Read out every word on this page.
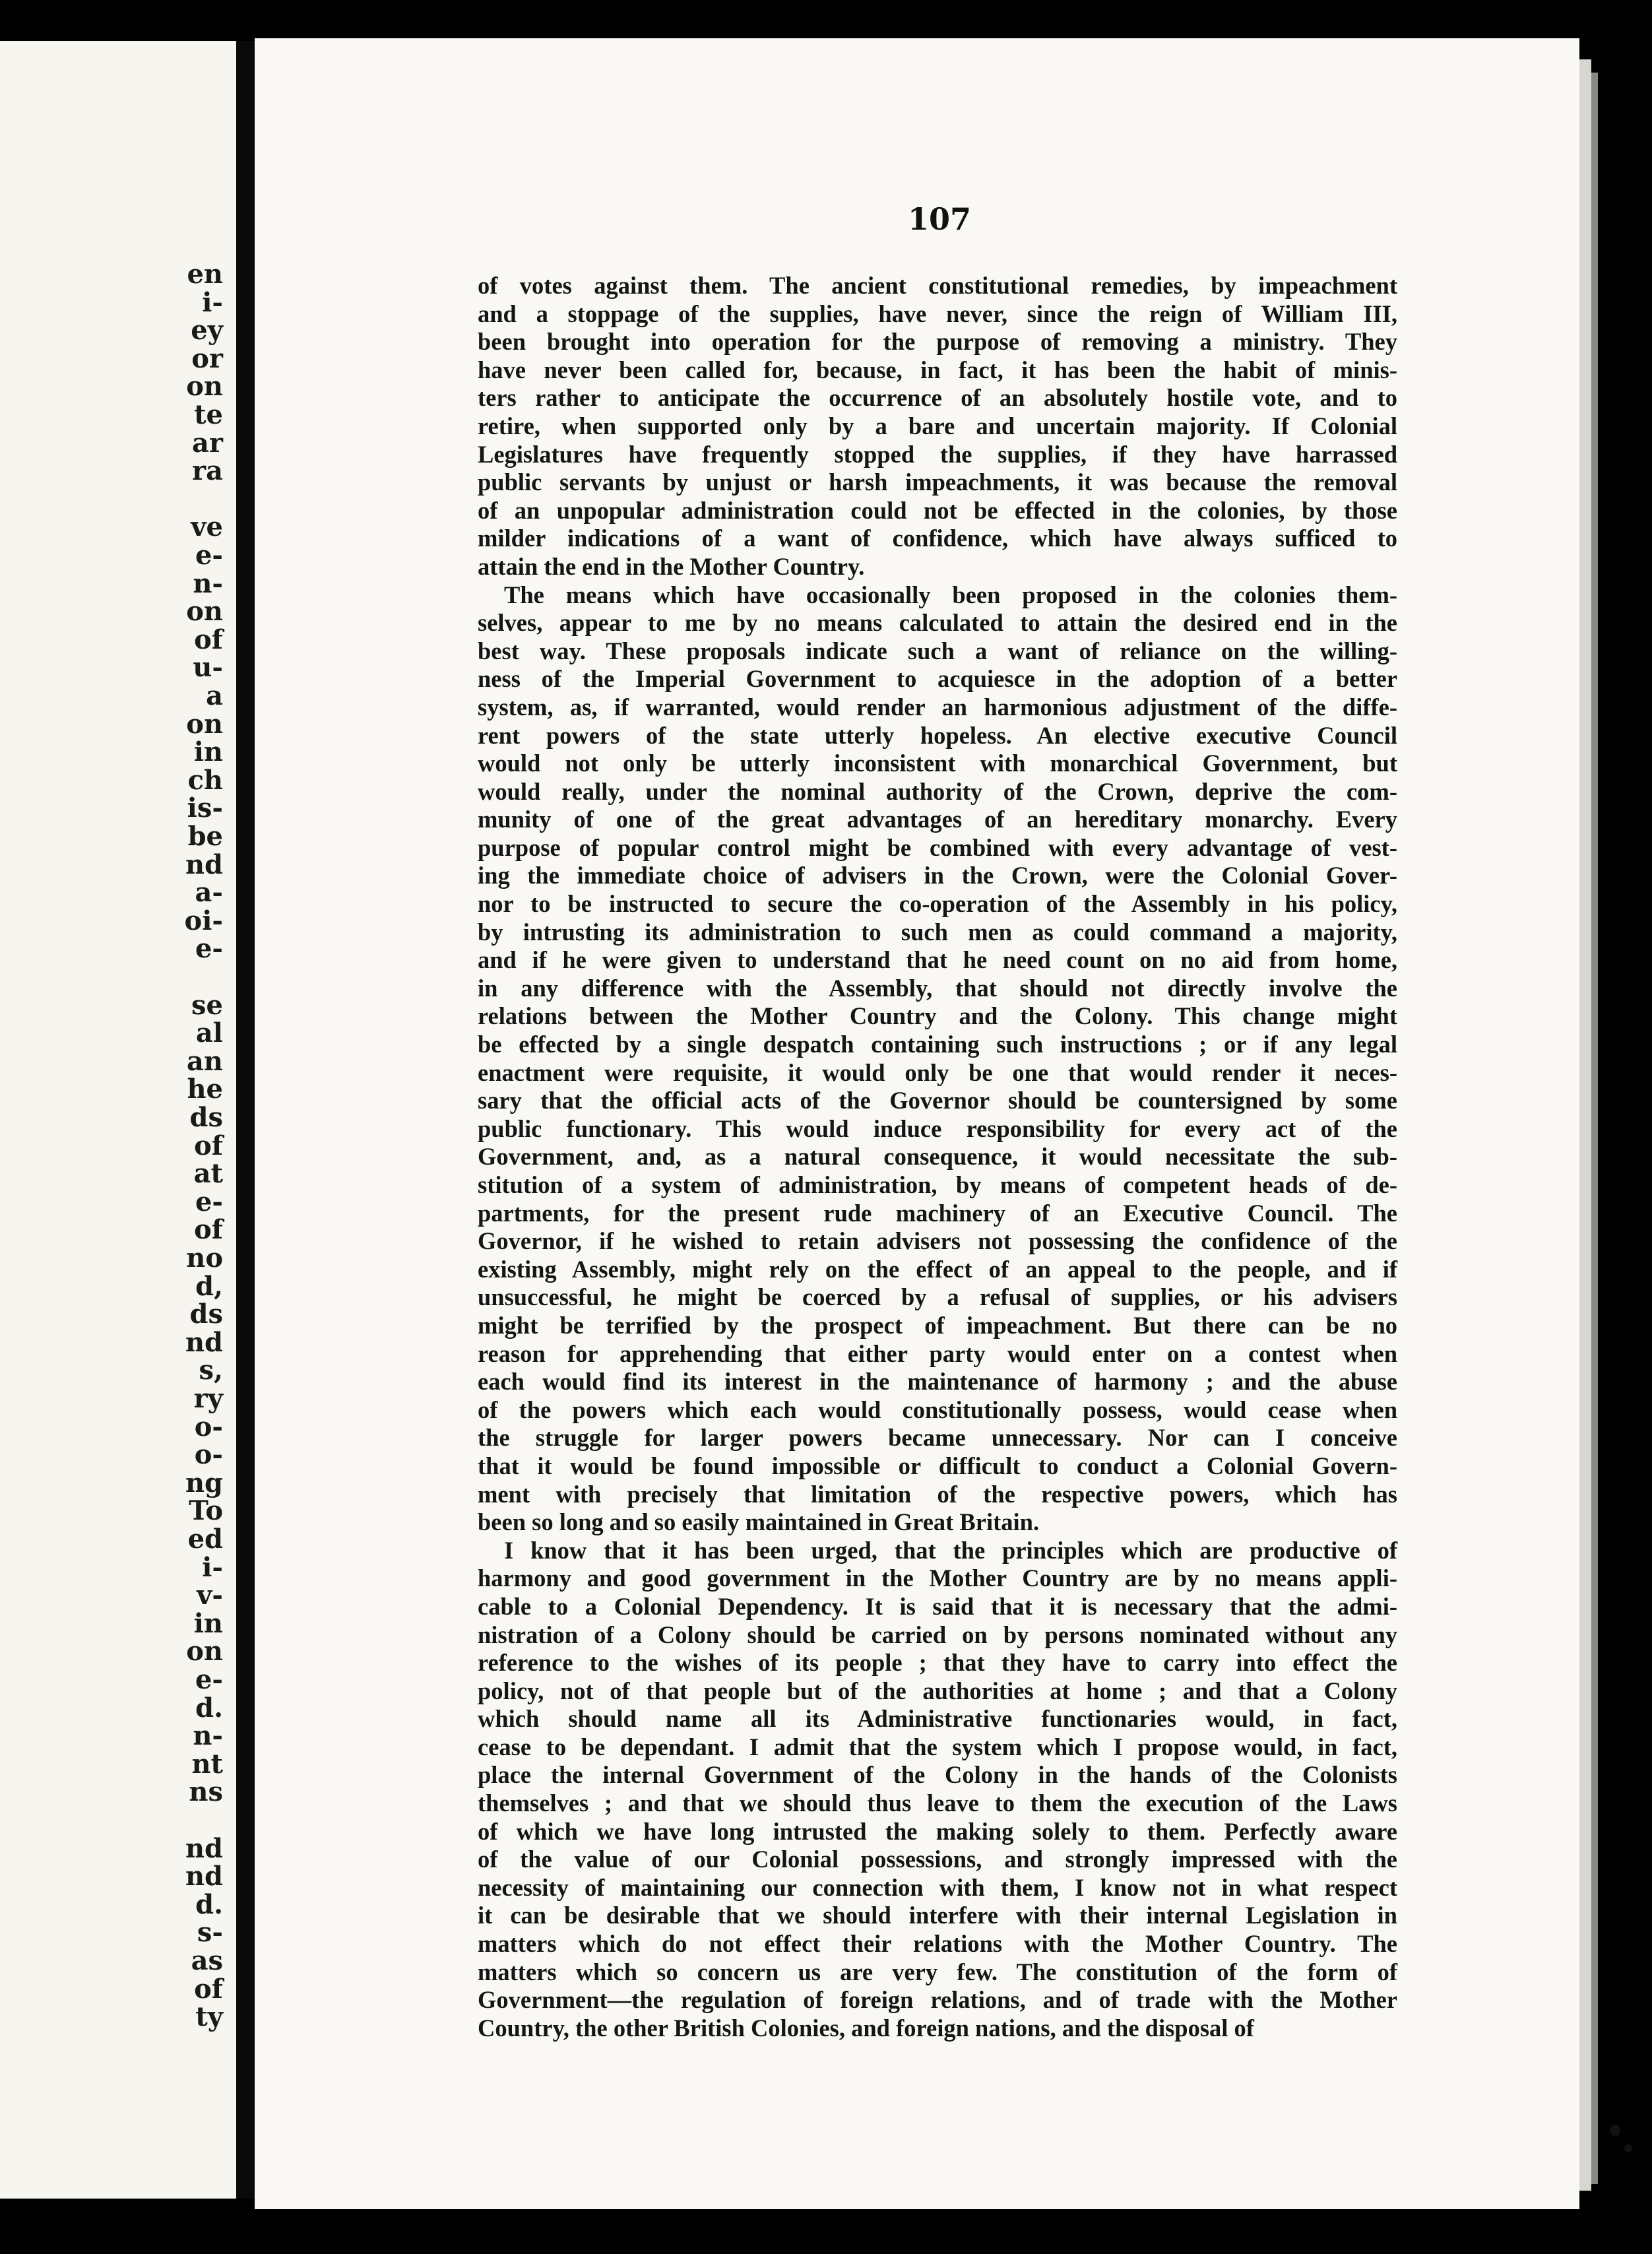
en
i-
ey
or
on
te
ar
ra
ve
e-
n-
on
of
u-
a
on
in
ch
is-
be
nd
a-
oi-
e-
se
al
an
he
ds
of
at
e-
of
no
d,
ds
nd
s,
ry
o-
o-
ng
To
ed
i-
v-
in
on
e-
d.
n-
nt
ns
nd
nd
d.
s-
as
of
ty
107
of votes against them. The ancient constitutional remedies, by impeachment
and a stoppage of the supplies, have never, since the reign of William III,
been brought into operation for the purpose of removing a ministry. They
have never been called for, because, in fact, it has been the habit of minis-
ters rather to anticipate the occurrence of an absolutely hostile vote, and to
retire, when supported only by a bare and uncertain majority. If Colonial
Legislatures have frequently stopped the supplies, if they have harrassed
public servants by unjust or harsh impeachments, it was because the removal
of an unpopular administration could not be effected in the colonies, by those
milder indications of a want of confidence, which have always sufficed to
attain the end in the Mother Country.
The means which have occasionally been proposed in the colonies them-
selves, appear to me by no means calculated to attain the desired end in the
best way. These proposals indicate such a want of reliance on the willing-
ness of the Imperial Government to acquiesce in the adoption of a better
system, as, if warranted, would render an harmonious adjustment of the diffe-
rent powers of the state utterly hopeless. An elective executive Council
would not only be utterly inconsistent with monarchical Government, but
would really, under the nominal authority of the Crown, deprive the com-
munity of one of the great advantages of an hereditary monarchy. Every
purpose of popular control might be combined with every advantage of vest-
ing the immediate choice of advisers in the Crown, were the Colonial Gover-
nor to be instructed to secure the co-operation of the Assembly in his policy,
by intrusting its administration to such men as could command a majority,
and if he were given to understand that he need count on no aid from home,
in any difference with the Assembly, that should not directly involve the
relations between the Mother Country and the Colony. This change might
be effected by a single despatch containing such instructions ; or if any legal
enactment were requisite, it would only be one that would render it neces-
sary that the official acts of the Governor should be countersigned by some
public functionary. This would induce responsibility for every act of the
Government, and, as a natural consequence, it would necessitate the sub-
stitution of a system of administration, by means of competent heads of de-
partments, for the present rude machinery of an Executive Council. The
Governor, if he wished to retain advisers not possessing the confidence of the
existing Assembly, might rely on the effect of an appeal to the people, and if
unsuccessful, he might be coerced by a refusal of supplies, or his advisers
might be terrified by the prospect of impeachment. But there can be no
reason for apprehending that either party would enter on a contest when
each would find its interest in the maintenance of harmony ; and the abuse
of the powers which each would constitutionally possess, would cease when
the struggle for larger powers became unnecessary. Nor can I conceive
that it would be found impossible or difficult to conduct a Colonial Govern-
ment with precisely that limitation of the respective powers, which has
been so long and so easily maintained in Great Britain.
I know that it has been urged, that the principles which are productive of
harmony and good government in the Mother Country are by no means appli-
cable to a Colonial Dependency. It is said that it is necessary that the admi-
nistration of a Colony should be carried on by persons nominated without any
reference to the wishes of its people ; that they have to carry into effect the
policy, not of that people but of the authorities at home ; and that a Colony
which should name all its Administrative functionaries would, in fact,
cease to be dependant. I admit that the system which I propose would, in fact,
place the internal Government of the Colony in the hands of the Colonists
themselves ; and that we should thus leave to them the execution of the Laws
of which we have long intrusted the making solely to them. Perfectly aware
of the value of our Colonial possessions, and strongly impressed with the
necessity of maintaining our connection with them, I know not in what respect
it can be desirable that we should interfere with their internal Legislation in
matters which do not effect their relations with the Mother Country. The
matters which so concern us are very few. The constitution of the form of
Government—the regulation of foreign relations, and of trade with the Mother
Country, the other British Colonies, and foreign nations, and the disposal of
